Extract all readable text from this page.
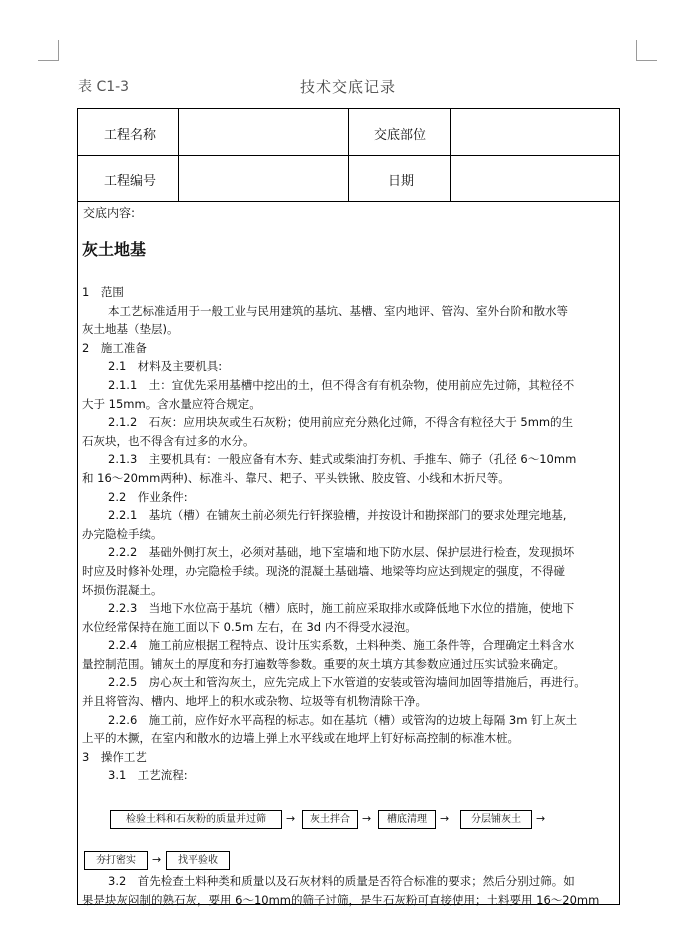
表 C1-3	技术交底记录
工程名称	交底部位
工程编号	日期
交底内容:

灰土地基

1　范围

本工艺标准适用于一般工业与民用建筑的基坑、基槽、室内地评、管沟、室外台阶和散水等

灰土地基（垫层)。

2　施工准备

2.1　材料及主要机具:

2.1.1　土：宜优先采用基槽中挖出的土，但不得含有有机杂物，使用前应先过筛，其粒径不

大于 15mm。含水量应符合规定。

2.1.2　石灰：应用块灰或生石灰粉；使用前应充分熟化过筛，不得含有粒径大于 5mm的生

石灰块，也不得含有过多的水分。

2.1.3　主要机具有：一般应备有木夯、蛙式或柴油打夯机、手推车、筛子（孔径 6～10mm

和 16～20mm两种)、标准斗、靠尺、耙子、平头铁锹、胶皮管、小线和木折尺等。

2.2　作业条件:

2.2.1　基坑（槽）在铺灰土前必须先行钎探验槽，并按设计和勘探部门的要求处理完地基,

办完隐检手续。

2.2.2　基础外侧打灰土，必须对基础，地下室墙和地下防水层、保护层进行检查，发现损坏

时应及时修补处理，办完隐检手续。现浇的混凝土基础墙、地梁等均应达到规定的强度，不得碰

坏损伤混凝土。

2.2.3　当地下水位高于基坑（槽）底时，施工前应采取排水或降低地下水位的措施，使地下

水位经常保持在施工面以下 0.5m 左右，在 3d 内不得受水浸泡。

2.2.4　施工前应根据工程特点、设计压实系数，土料种类、施工条件等，合理确定土料含水

量控制范围。铺灰土的厚度和夯打遍数等参数。重要的灰土填方其参数应通过压实试验来确定。

2.2.5　房心灰土和管沟灰土，应先完成上下水管道的安装或管沟墙间加固等措施后，再进行。

并且将管沟、槽内、地坪上的积水或杂物、垃圾等有机物清除干净。

2.2.6　施工前，应作好水平高程的标志。如在基坑（槽）或管沟的边坡上每隔 3m 钉上灰土

上平的木撅，在室内和散水的边墙上弹上水平线或在地坪上钉好标高控制的标准木桩。

3　操作工艺

3.1　工艺流程:

检验土料和石灰粉的质量并过筛	→	灰土拌合	→	槽底清理	→	分层铺灰土	→
夯打密实	→	找平验收

3.2　首先检查土料种类和质量以及石灰材料的质量是否符合标准的要求；然后分别过筛。如

果是块灰闷制的熟石灰，要用 6～10mm的筛子过筛，是生石灰粉可直接使用；土料要用 16～20mm
